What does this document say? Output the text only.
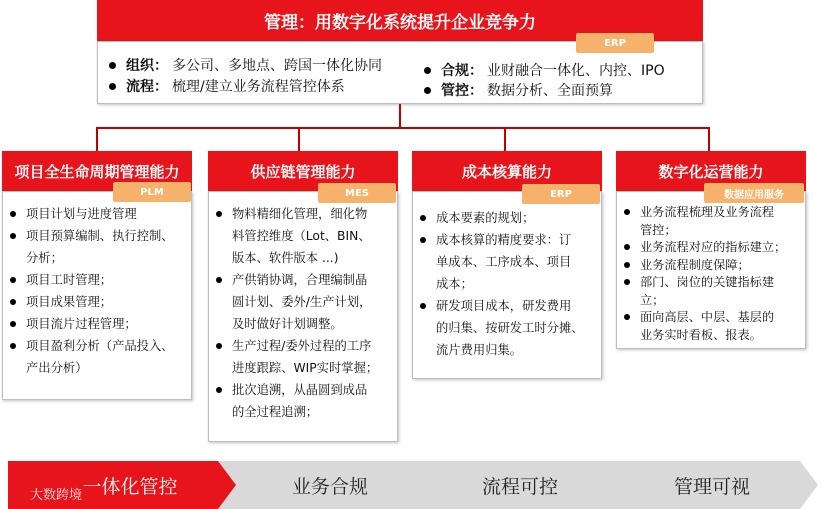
管理：用数字化系统提升企业竞争力
ERP
组织： 多公司、多地点、跨国一体化协同
流程： 梳理/建立业务流程管控体系
合规： 业财融合一体化、内控、IPO
管控： 数据分析、全面预算
项目全生命周期管理能力
PLM
项目计划与进度管理
项目预算编制、执行控制、
分析；
项目工时管理；
项目成果管理；
项目流片过程管理；
项目盈利分析（产品投入、
产出分析）
供应链管理能力
MES
物料精细化管理，细化物
料管控维度（Lot、BIN、
版本、软件版本 ...)
产供销协调，合理编制晶
圆计划、委外/生产计划，
及时做好计划调整。
生产过程/委外过程的工序
进度跟踪、WIP实时掌握；
批次追溯，从晶圆到成品
的全过程追溯；
成本核算能力
ERP
成本要素的规划；
成本核算的精度要求：订
单成本、工序成本、项目
成本；
研发项目成本，研发费用
的归集、按研发工时分摊、
流片费用归集。
数字化运营能力
数据应用服务
业务流程梳理及业务流程
管控；
业务流程对应的指标建立；
业务流程制度保障；
部门、岗位的关键指标建
立；
面向高层、中层、基层的
业务实时看板、报表。
一体化管控	业务合规	流程可控	管理可视
大数跨境
